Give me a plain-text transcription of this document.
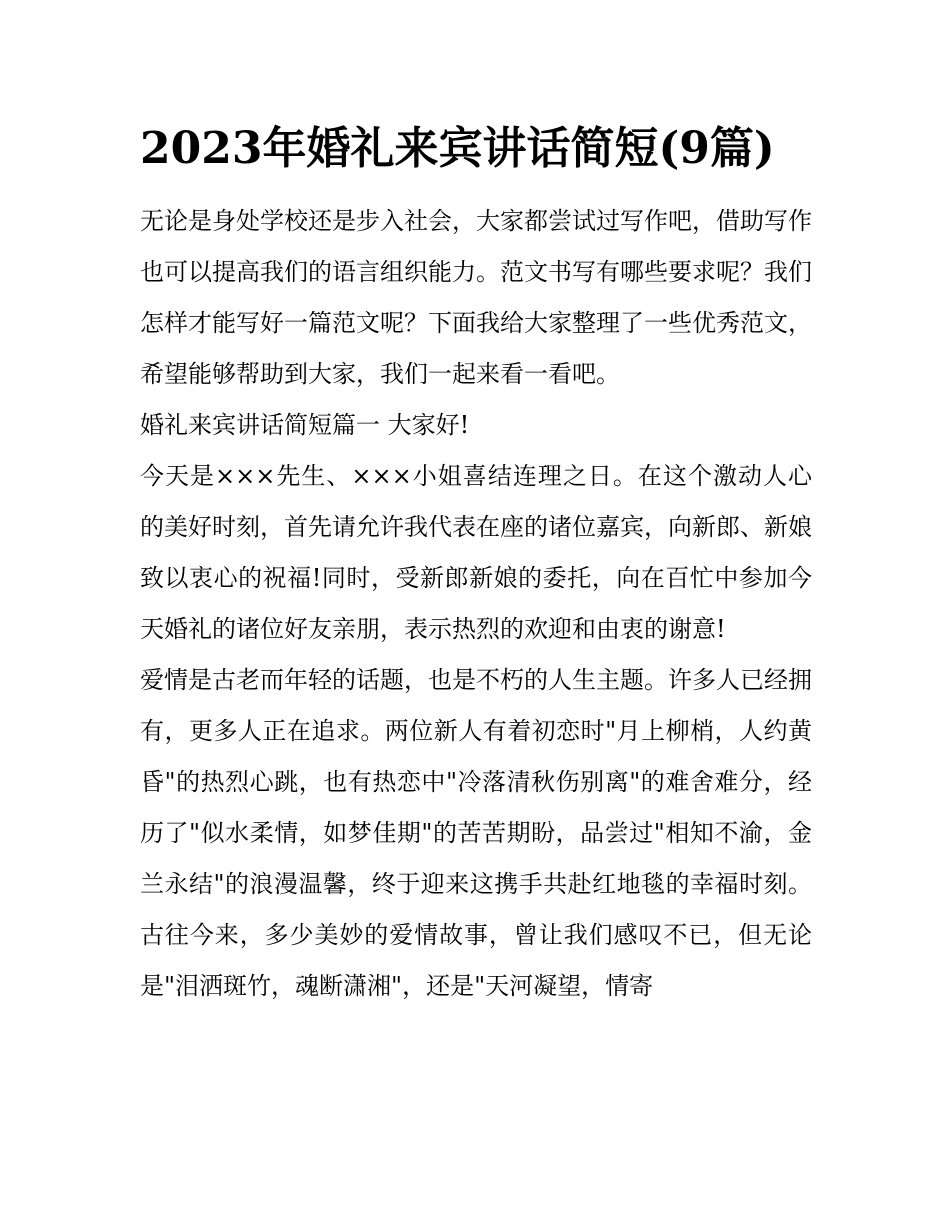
2023年婚礼来宾讲话简短(9篇)

无论是身处学校还是步入社会，大家都尝试过写作吧，借助写作也可以提高我们的语言组织能力。范文书写有哪些要求呢？我们怎样才能写好一篇范文呢？下面我给大家整理了一些优秀范文，希望能够帮助到大家，我们一起来看一看吧。

婚礼来宾讲话简短篇一 大家好!

今天是×××先生、×××小姐喜结连理之日。在这个激动人心的美好时刻，首先请允许我代表在座的诸位嘉宾，向新郎、新娘致以衷心的祝福!同时，受新郎新娘的委托，向在百忙中参加今天婚礼的诸位好友亲朋，表示热烈的欢迎和由衷的谢意!

爱情是古老而年轻的话题，也是不朽的人生主题。许多人已经拥有，更多人正在追求。两位新人有着初恋时"月上柳梢，人约黄昏"的热烈心跳，也有热恋中"冷落清秋伤别离"的难舍难分，经历了"似水柔情，如梦佳期"的苦苦期盼，品尝过"相知不渝，金兰永结"的浪漫温馨，终于迎来这携手共赴红地毯的幸福时刻。古往今来，多少美妙的爱情故事，曾让我们感叹不已，但无论是"泪洒斑竹，魂断潇湘"，还是"天河凝望，情寄
